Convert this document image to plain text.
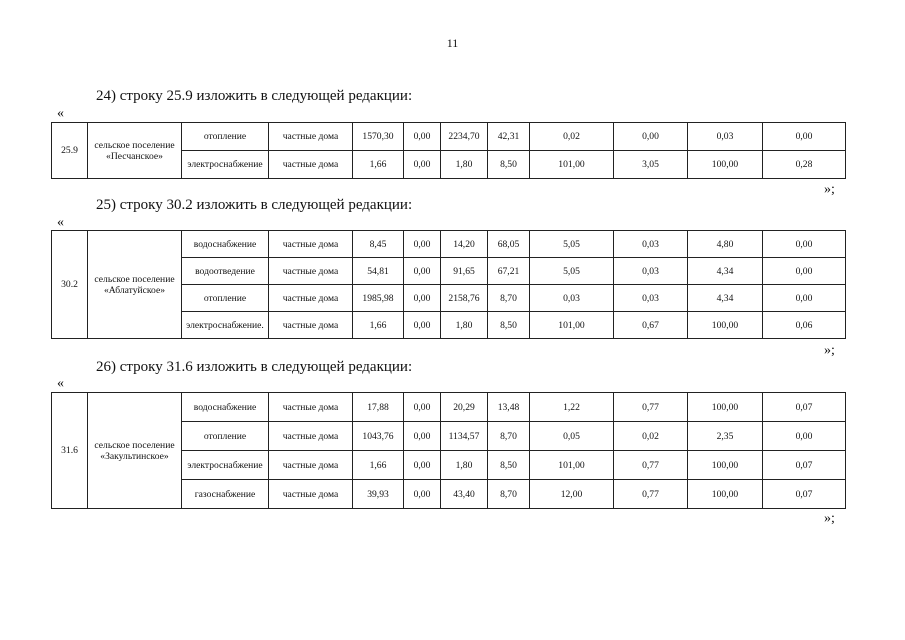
11
24) строку 25.9 изложить в следующей редакции:
«
25.9	сельское поселение «Песчанское»	отопление	частные дома	1570,30	0,00	2234,70	42,31	0,02	0,00	0,03	0,00
		электроснабжение	частные дома	1,66	0,00	1,80	8,50	101,00	3,05	100,00	0,28
»;
25) строку 30.2 изложить в следующей редакции:
«
30.2	сельское поселение «Аблатуйское»	водоснабжение	частные дома	8,45	0,00	14,20	68,05	5,05	0,03	4,80	0,00
		водоотведение	частные дома	54,81	0,00	91,65	67,21	5,05	0,03	4,34	0,00
		отопление	частные дома	1985,98	0,00	2158,76	8,70	0,03	0,03	4,34	0,00
		электроснабжение.	частные дома	1,66	0,00	1,80	8,50	101,00	0,67	100,00	0,06
»;
26) строку 31.6 изложить в следующей редакции:
«
31.6	сельское поселение «Закультинское»	водоснабжение	частные дома	17,88	0,00	20,29	13,48	1,22	0,77	100,00	0,07
		отопление	частные дома	1043,76	0,00	1134,57	8,70	0,05	0,02	2,35	0,00
		электроснабжение	частные дома	1,66	0,00	1,80	8,50	101,00	0,77	100,00	0,07
		газоснабжение	частные дома	39,93	0,00	43,40	8,70	12,00	0,77	100,00	0,07
»;
